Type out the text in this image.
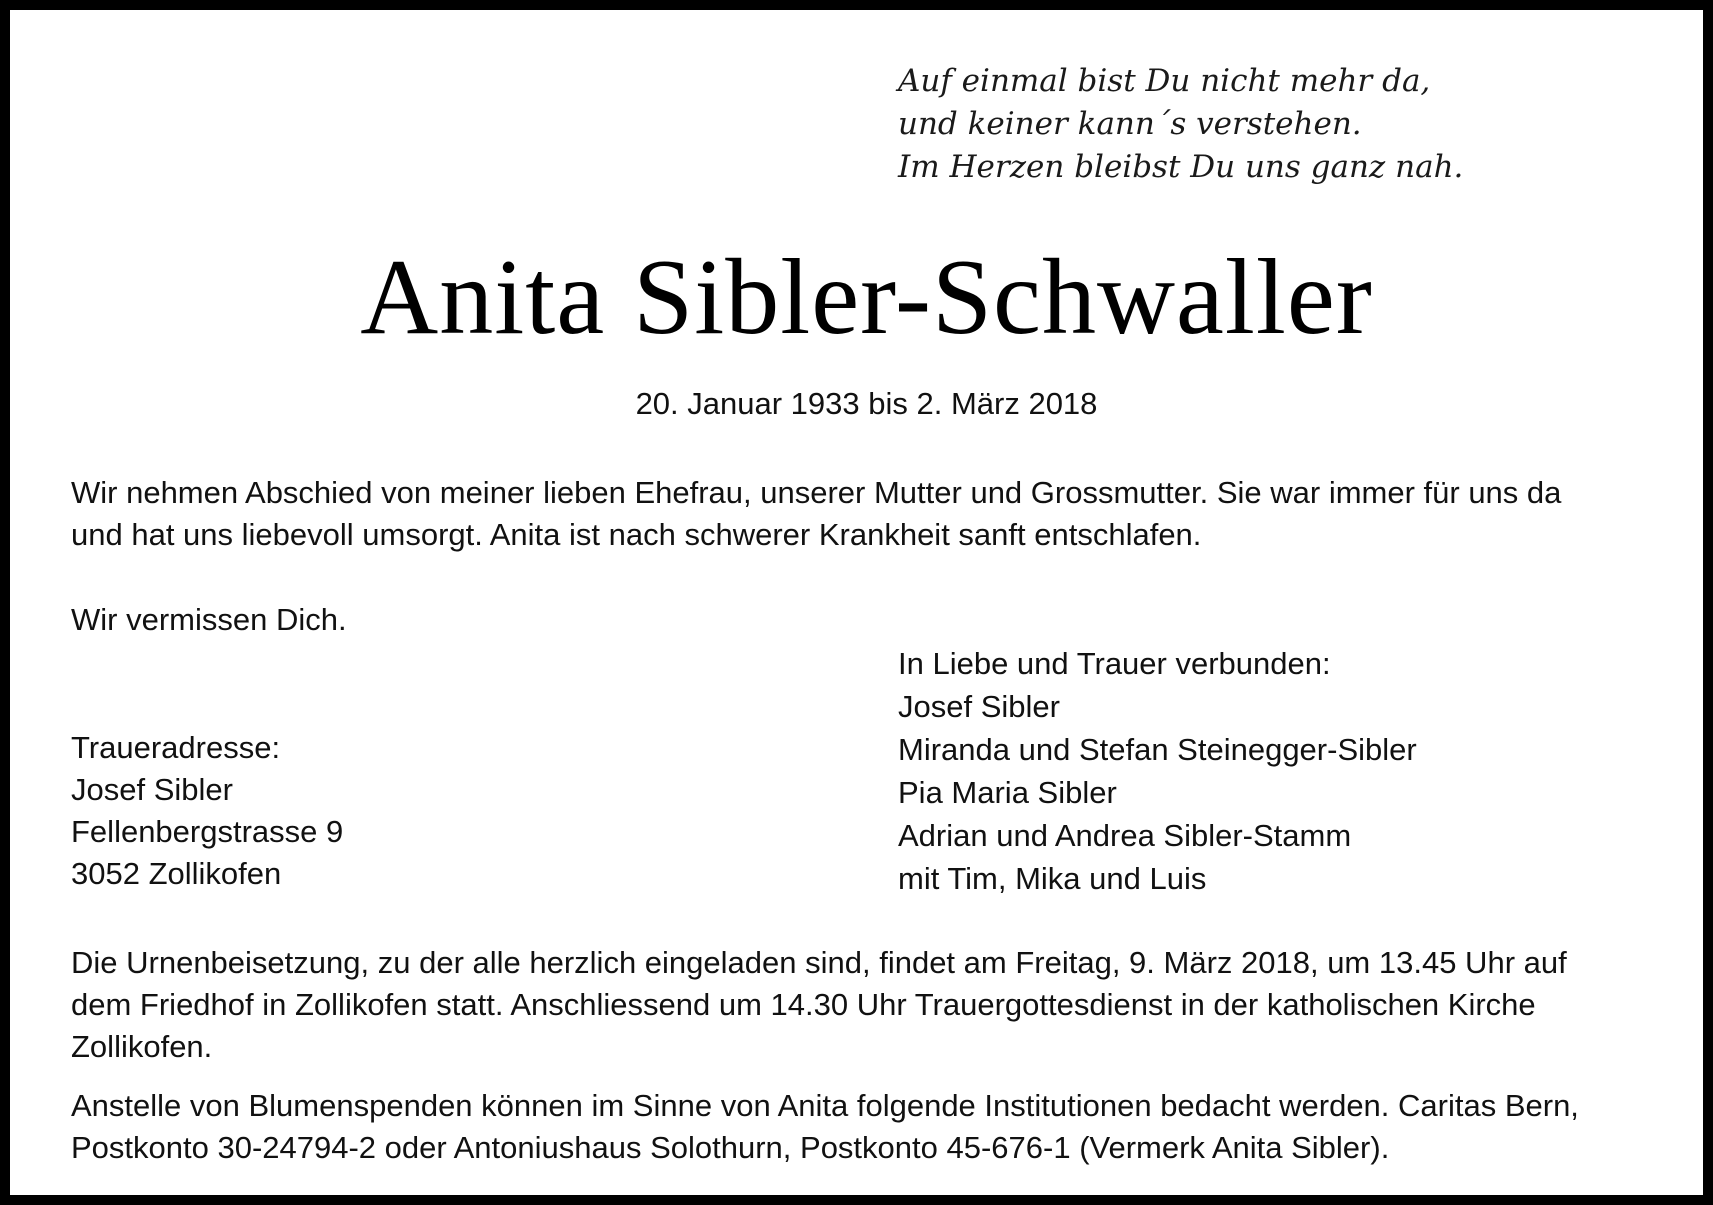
Auf einmal bist Du nicht mehr da,
und keiner kann´s verstehen.
Im Herzen bleibst Du uns ganz nah.
Anita Sibler-Schwaller
20. Januar 1933 bis 2. März 2018
Wir nehmen Abschied von meiner lieben Ehefrau, unserer Mutter und Grossmutter. Sie war immer für uns da
und hat uns liebevoll umsorgt. Anita ist nach schwerer Krankheit sanft entschlafen.
Wir vermissen Dich.
In Liebe und Trauer verbunden:
Josef Sibler
Miranda und Stefan Steinegger-Sibler
Pia Maria Sibler
Adrian und Andrea Sibler-Stamm
mit Tim, Mika und Luis
Traueradresse:
Josef Sibler
Fellenbergstrasse 9
3052 Zollikofen
Die Urnenbeisetzung, zu der alle herzlich eingeladen sind, findet am Freitag, 9. März 2018, um 13.45 Uhr auf
dem Friedhof in Zollikofen statt. Anschliessend um 14.30 Uhr Trauergottesdienst in der katholischen Kirche
Zollikofen.
Anstelle von Blumenspenden können im Sinne von Anita folgende Institutionen bedacht werden. Caritas Bern,
Postkonto 30-24794-2 oder Antoniushaus Solothurn, Postkonto 45-676-1 (Vermerk Anita Sibler).
